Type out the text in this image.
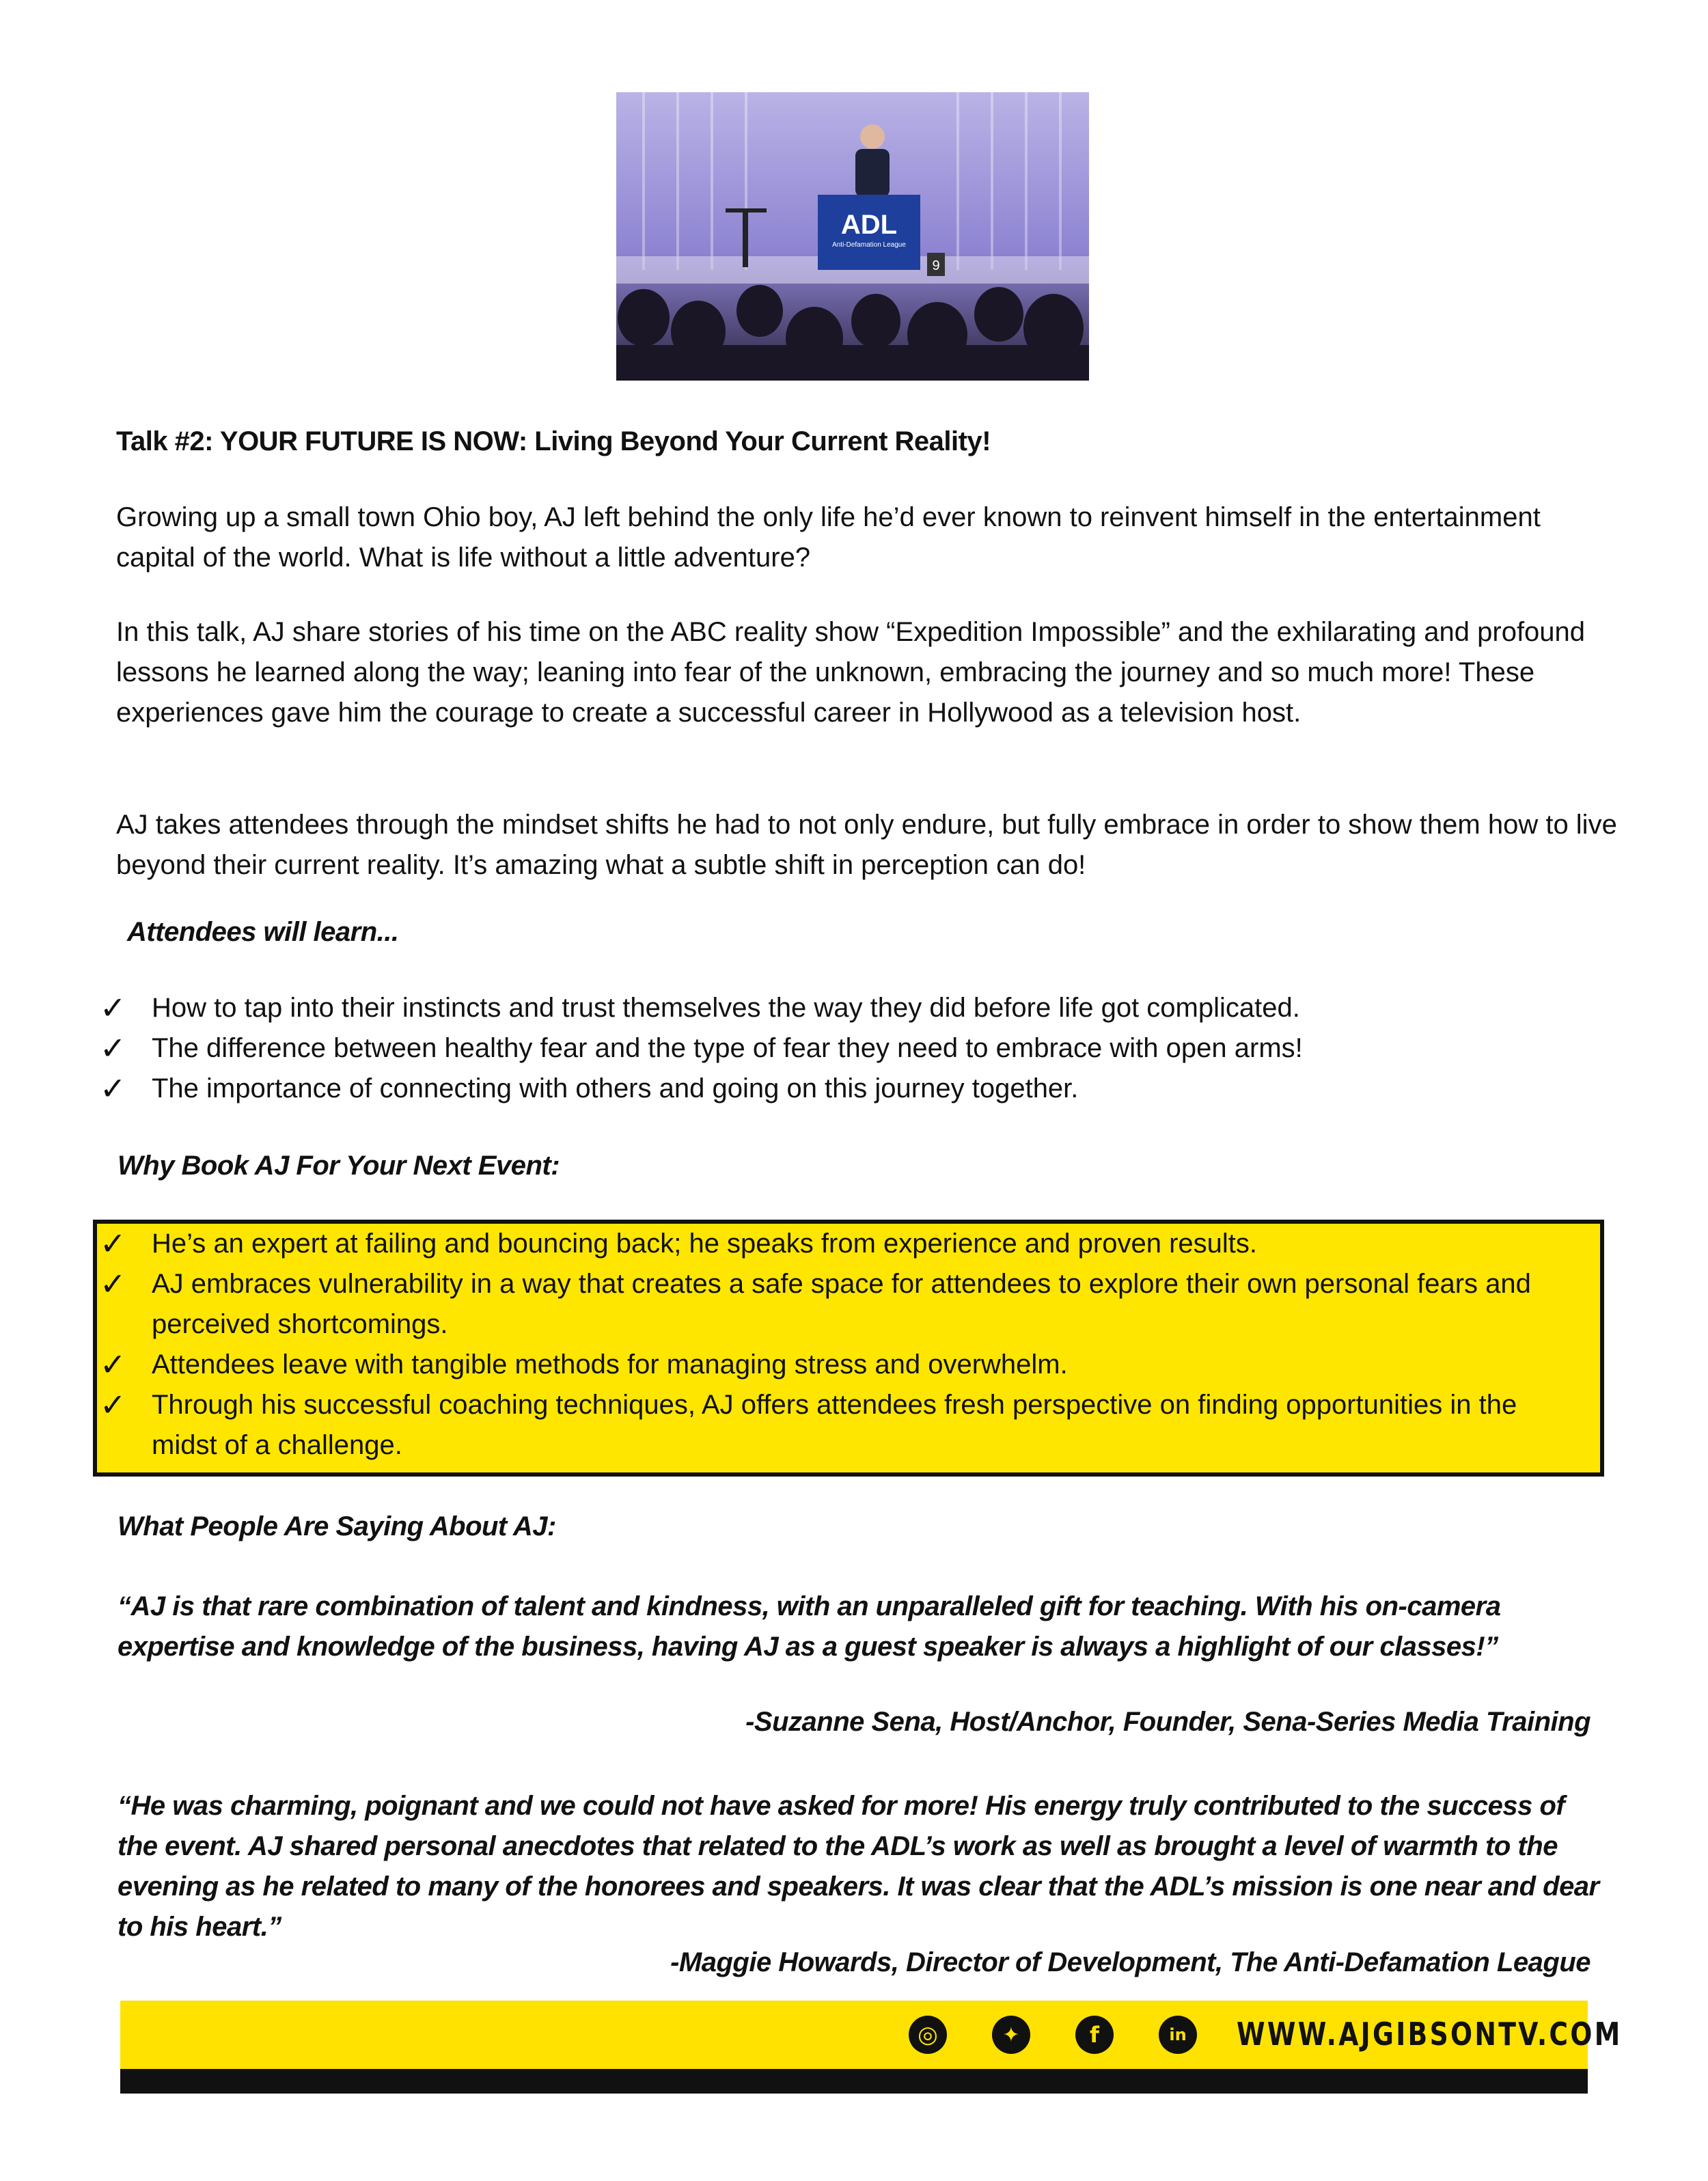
ADL
Anti-Defamation League
9
Talk #2: YOUR FUTURE IS NOW: Living Beyond Your Current Reality!

Growing up a small town Ohio boy, AJ left behind the only life he’d ever known to reinvent himself in the entertainment capital of the world. What is life without a little adventure?

In this talk, AJ share stories of his time on the ABC reality show “Expedition Impossible” and the exhilarating and profound lessons he learned along the way; leaning into fear of the unknown, embracing the journey and so much more! These experiences gave him the courage to create a successful career in Hollywood as a television host.

AJ takes attendees through the mindset shifts he had to not only endure, but fully embrace in order to show them how to live beyond their current reality. It’s amazing what a subtle shift in perception can do!

Attendees will learn...
✓ How to tap into their instincts and trust themselves the way they did before life got complicated.
✓ The difference between healthy fear and the type of fear they need to embrace with open arms!
✓ The importance of connecting with others and going on this journey together.
Why Book AJ For Your Next Event:
✓ He’s an expert at failing and bouncing back; he speaks from experience and proven results.
✓ AJ embraces vulnerability in a way that creates a safe space for attendees to explore their own personal fears and perceived shortcomings.
✓ Attendees leave with tangible methods for managing stress and overwhelm.
✓ Through his successful coaching techniques, AJ offers attendees fresh perspective on finding opportunities in the midst of a challenge.
What People Are Saying About AJ:

“AJ is that rare combination of talent and kindness, with an unparalleled gift for teaching. With his on-camera expertise and knowledge of the business, having AJ as a guest speaker is always a highlight of our classes!”

-Suzanne Sena, Host/Anchor, Founder, Sena-Series Media Training

“He was charming, poignant and we could not have asked for more! His energy truly contributed to the success of the event. AJ shared personal anecdotes that related to the ADL’s work as well as brought a level of warmth to the evening as he related to many of the honorees and speakers. It was clear that the ADL’s mission is one near and dear to his heart.”

-Maggie Howards, Director of Development, The Anti-Defamation League
◎	✦	f	in	WWW.AJGIBSONTV.COM
